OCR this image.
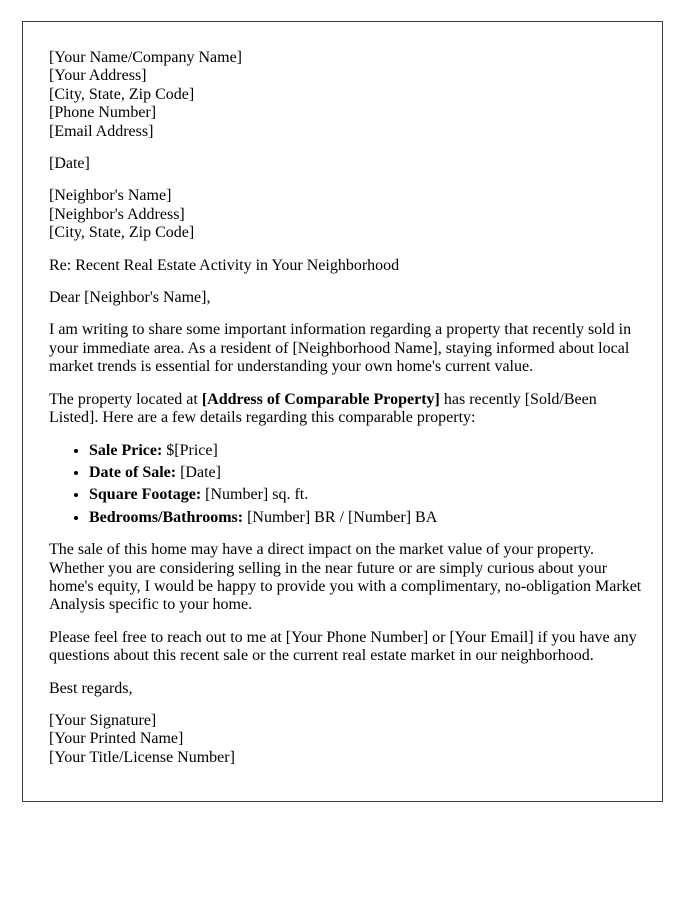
[Your Name/Company Name]
[Your Address]
[City, State, Zip Code]
[Phone Number]
[Email Address]

[Date]

[Neighbor's Name]
[Neighbor's Address]
[City, State, Zip Code]

Re: Recent Real Estate Activity in Your Neighborhood

Dear [Neighbor's Name],

I am writing to share some important information regarding a property that recently sold in your immediate area. As a resident of [Neighborhood Name], staying informed about local market trends is essential for understanding your own home's current value.

The property located at [Address of Comparable Property] has recently [Sold/Been Listed]. Here are a few details regarding this comparable property:

• Sale Price: $[Price]
• Date of Sale: [Date]
• Square Footage: [Number] sq. ft.
• Bedrooms/Bathrooms: [Number] BR / [Number] BA

The sale of this home may have a direct impact on the market value of your property. Whether you are considering selling in the near future or are simply curious about your home's equity, I would be happy to provide you with a complimentary, no-obligation Market Analysis specific to your home.

Please feel free to reach out to me at [Your Phone Number] or [Your Email] if you have any questions about this recent sale or the current real estate market in our neighborhood.

Best regards,

[Your Signature]
[Your Printed Name]
[Your Title/License Number]
